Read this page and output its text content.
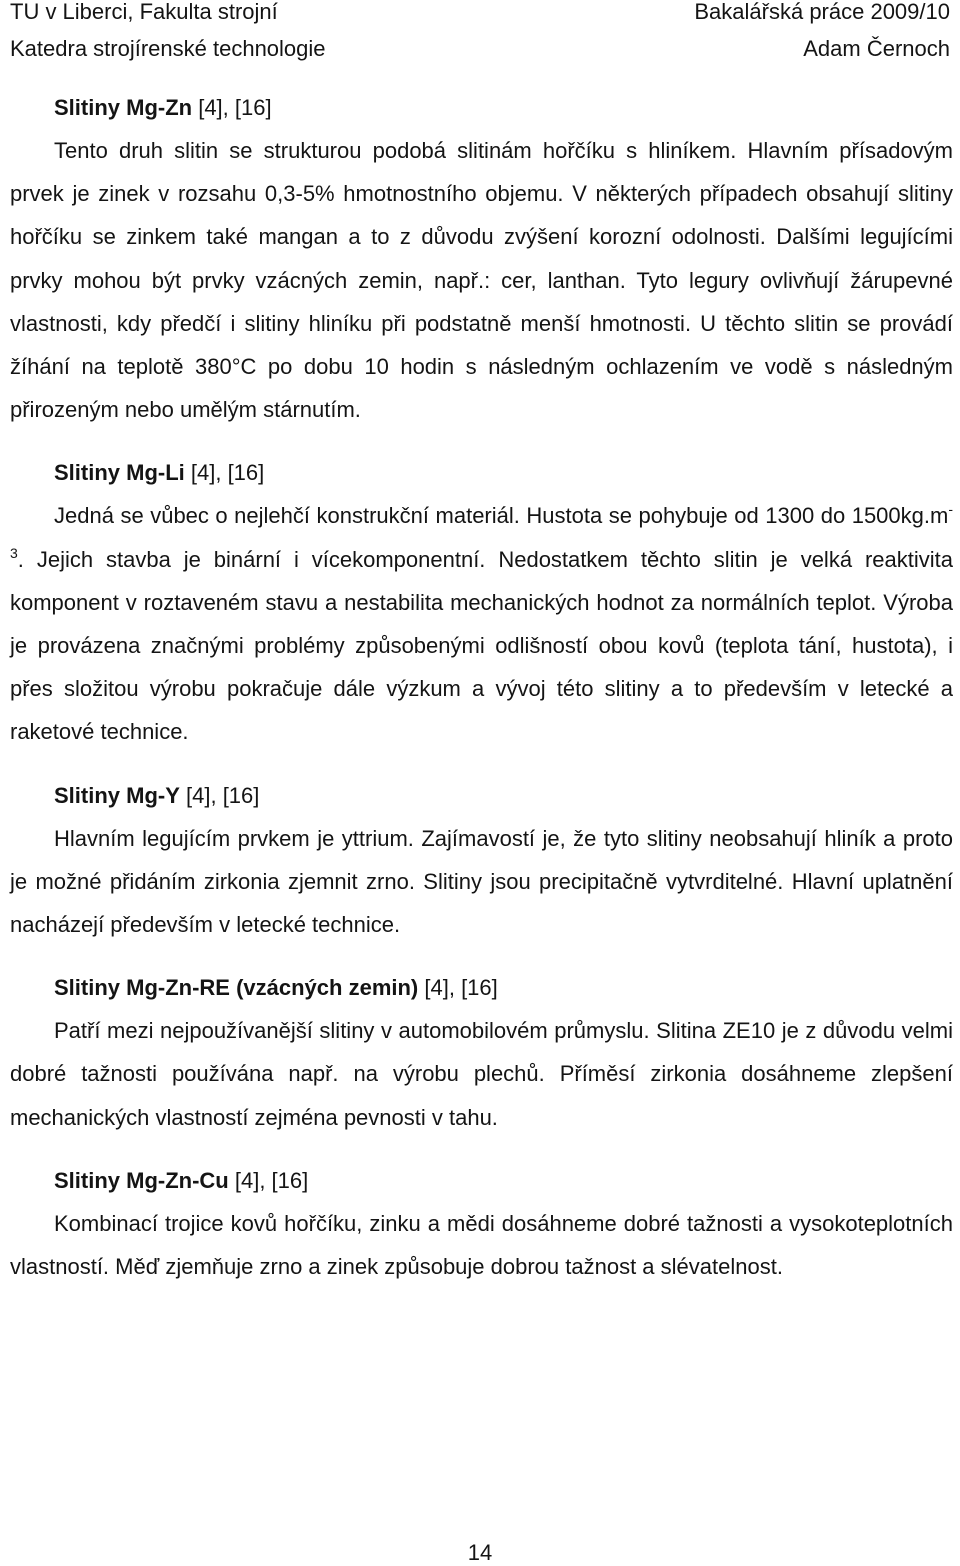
TU v Liberci, Fakulta strojní	Bakalářská práce 2009/10
Katedra strojírenské technologie	Adam Černoch
Slitiny Mg-Zn [4], [16]

Tento druh slitin se strukturou podobá slitinám hořčíku s hliníkem. Hlavním přísadovým prvek je zinek v rozsahu 0,3-5% hmotnostního objemu. V některých případech obsahují slitiny hořčíku se zinkem také mangan a to z důvodu zvýšení korozní odolnosti. Dalšími legujícími prvky mohou být prvky vzácných zemin, např.: cer, lanthan. Tyto legury ovlivňují žárupevné vlastnosti, kdy předčí i slitiny hliníku při podstatně menší hmotnosti. U těchto slitin se provádí žíhání na teplotě 380°C po dobu 10 hodin s následným ochlazením ve vodě s následným přirozeným nebo umělým stárnutím.

Slitiny Mg-Li [4], [16]

Jedná se vůbec o nejlehčí konstrukční materiál. Hustota se pohybuje od 1300 do $1500kg.m^{-3}$. Jejich stavba je binární i vícekomponentní. Nedostatkem těchto slitin je velká reaktivita komponent v roztaveném stavu a nestabilita mechanických hodnot za normálních teplot. Výroba je provázena značnými problémy způsobenými odlišností obou kovů (teplota tání, hustota), i přes složitou výrobu pokračuje dále výzkum a vývoj této slitiny a to především v letecké a raketové technice.

Slitiny Mg-Y [4], [16]

Hlavním legujícím prvkem je yttrium. Zajímavostí je, že tyto slitiny neobsahují hliník a proto je možné přidáním zirkonia zjemnit zrno. Slitiny jsou precipitačně vytvrditelné. Hlavní uplatnění nacházejí především v letecké technice.

Slitiny Mg-Zn-RE (vzácných zemin) [4], [16]

Patří mezi nejpoužívanější slitiny v automobilovém průmyslu. Slitina ZE10 je z důvodu velmi dobré tažnosti používána např. na výrobu plechů. Příměsí zirkonia dosáhneme zlepšení mechanických vlastností zejména pevnosti v tahu.

Slitiny Mg-Zn-Cu [4], [16]

Kombinací trojice kovů hořčíku, zinku a mědi dosáhneme dobré tažnosti a vysokoteplotních vlastností. Měď zjemňuje zrno a zinek způsobuje dobrou tažnost a slévatelnost.

14
